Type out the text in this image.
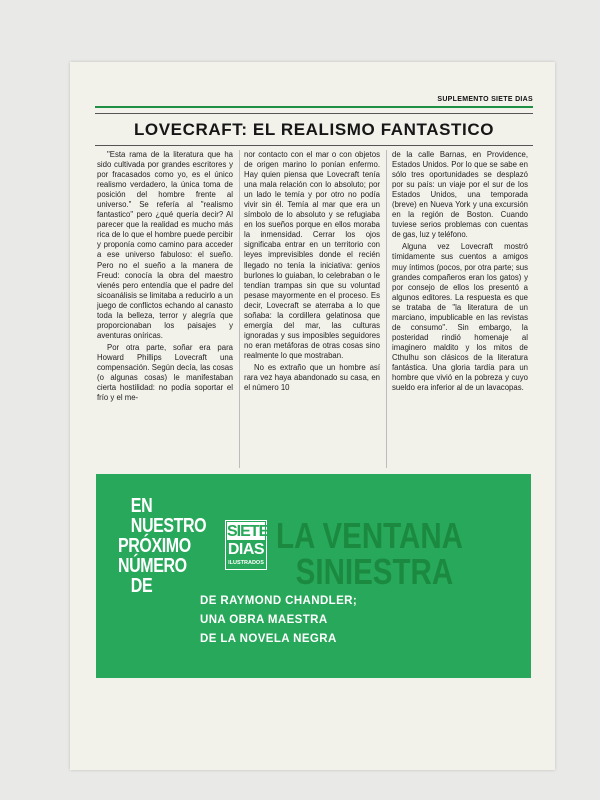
SUPLEMENTO SIETE DIAS
LOVECRAFT: EL REALISMO FANTASTICO

"Esta rama de la literatura que ha sido cultivada por grandes escritores y por fracasados como yo, es el único realismo verdadero, la única toma de posición del hombre frente al universo." Se refería al "realismo fantastico" pero ¿qué quería decir? Al parecer que la realidad es mucho más rica de lo que el hombre puede percibir y proponía como camino para acceder a ese universo fabuloso: el sueño. Pero no el sueño a la manera de Freud: conocía la obra del maestro vienés pero entendía que el padre del sicoanálisis se limitaba a reducirlo a un juego de conflictos echando al canasto toda la belleza, terror y alegría que proporcionaban los paisajes y aventuras oníricas.

Por otra parte, soñar era para Howard Phillips Lovecraft una compensación. Según decía, las cosas (o algunas cosas) le manifestaban cierta hostilidad: no podía soportar el frío y el me-

nor contacto con el mar o con objetos de origen marino lo ponían enfermo. Hay quien piensa que Lovecraft tenía una mala relación con lo absoluto; por un lado le temía y por otro no podía vivir sin él. Temía al mar que era un símbolo de lo absoluto y se refugiaba en los sueños porque en ellos moraba la inmensidad. Cerrar los ojos significaba entrar en un territorio con leyes imprevisibles donde el recién llegado no tenía la iniciativa: genios burlones lo guiaban, lo celebraban o le tendían trampas sin que su voluntad pesase mayormente en el proceso. Es decir, Lovecraft se aterraba a lo que soñaba: la cordillera gelatinosa que emergía del mar, las culturas ignoradas y sus imposibles seguidores no eran metáforas de otras cosas sino realmente lo que mostraban.

No es extraño que un hombre así rara vez haya abandonado su casa, en el número 10

de la calle Barnas, en Providence, Estados Unidos. Por lo que se sabe en sólo tres oportunidades se desplazó por su país: un viaje por el sur de los Estados Unidos, una temporada (breve) en Nueva York y una excursión en la región de Boston. Cuando tuviese serios problemas con cuentas de gas, luz y teléfono.

Alguna vez Lovecraft mostró tímidamente sus cuentos a amigos muy íntimos (pocos, por otra parte; sus grandes compañeros eran los gatos) y por consejo de ellos los presentó a algunos editores. La respuesta es que se trataba de "la literatura de un marciano, impublicable en las revistas de consumo". Sin embargo, la posteridad rindió homenaje al imaginero maldito y los mitos de Cthulhu son clásicos de la literatura fantástica. Una gloria tardía para un hombre que vivió en la pobreza y cuyo sueldo era inferior al de un lavacopas.

EN
NUESTRO
PRÓXIMO
NÚMERO
DE
SIETE
DIAS
ILUSTRADOS
LA VENTANA
SINIESTRA
DE RAYMOND CHANDLER;
UNA OBRA MAESTRA
DE LA NOVELA NEGRA
